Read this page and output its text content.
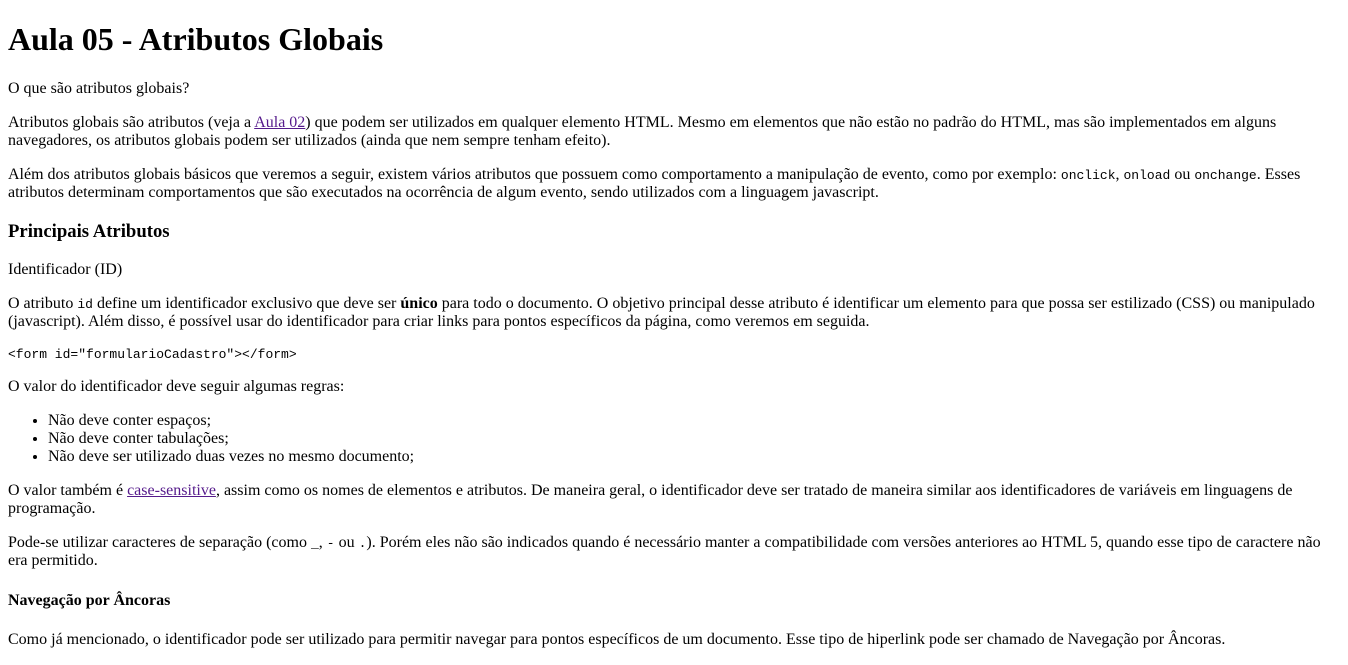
Aula 05 - Atributos Globais

O que são atributos globais?

Atributos globais são atributos (veja a Aula 02) que podem ser utilizados em qualquer elemento HTML. Mesmo em elementos que não estão no padrão do HTML, mas são implementados em alguns navegadores, os atributos globais podem ser utilizados (ainda que nem sempre tenham efeito).

Além dos atributos globais básicos que veremos a seguir, existem vários atributos que possuem como comportamento a manipulação de evento, como por exemplo: onclick, onload ou onchange. Esses atributos determinam comportamentos que são executados na ocorrência de algum evento, sendo utilizados com a linguagem javascript.

Principais Atributos

Identificador (ID)

O atributo id define um identificador exclusivo que deve ser único para todo o documento. O objetivo principal desse atributo é identificar um elemento para que possa ser estilizado (CSS) ou manipulado (javascript). Além disso, é possível usar do identificador para criar links para pontos específicos da página, como veremos em seguida.

<form id="formularioCadastro"></form>

O valor do identificador deve seguir algumas regras:

• Não deve conter espaços;
• Não deve conter tabulações;
• Não deve ser utilizado duas vezes no mesmo documento;

O valor também é case-sensitive, assim como os nomes de elementos e atributos. De maneira geral, o identificador deve ser tratado de maneira similar aos identificadores de variáveis em linguagens de programação.

Pode-se utilizar caracteres de separação (como _, - ou .). Porém eles não são indicados quando é necessário manter a compatibilidade com versões anteriores ao HTML 5, quando esse tipo de caractere não era permitido.

Navegação por Âncoras

Como já mencionado, o identificador pode ser utilizado para permitir navegar para pontos específicos de um documento. Esse tipo de hiperlink pode ser chamado de Navegação por Âncoras.
